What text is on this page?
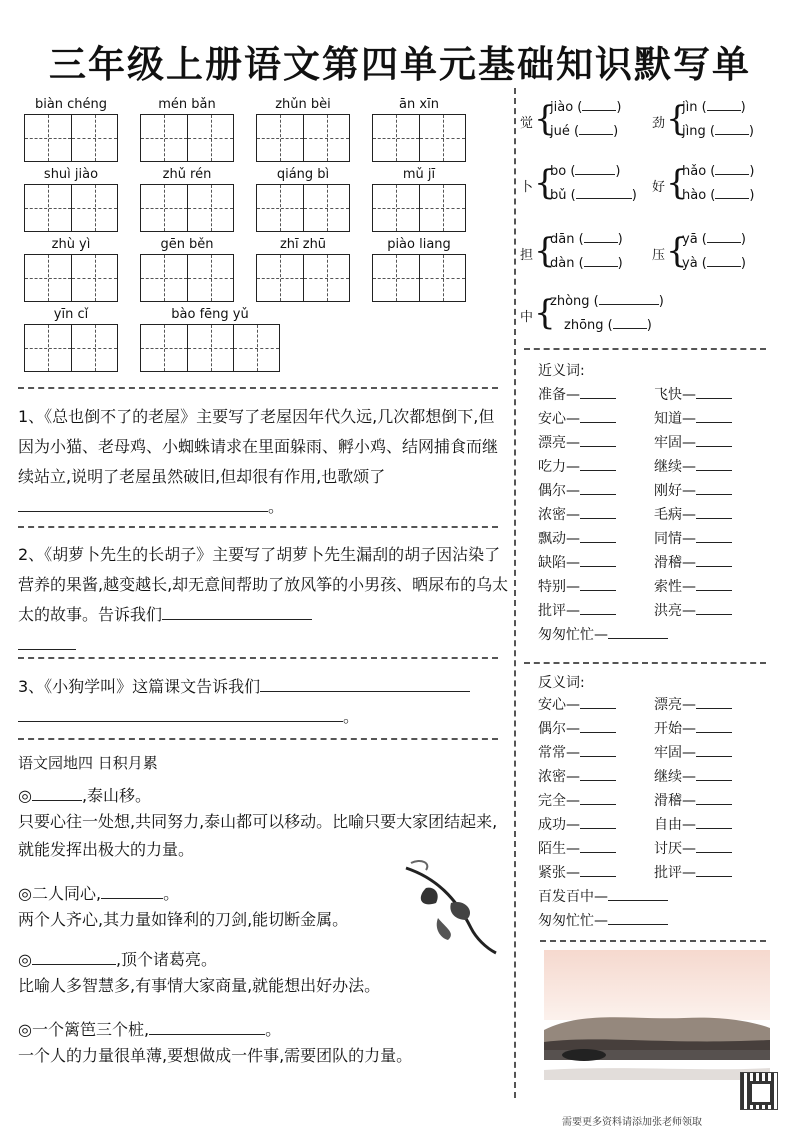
三年级上册语文第四单元基础知识默写单
biàn chéng	mén bǎn	zhǔn bèi	ān xīn
shuì jiào	zhǔ rén	qiáng bì	mǔ jī
zhù yì	gēn běn	zhī zhū	piào liang
yīn cǐ	bào fēng yǔ
1、《总也倒不了的老屋》主要写了老屋因年代久远,几次都想倒下,但因为小猫、老母鸡、小蜘蛛请求在里面躲雨、孵小鸡、结网捕食而继续站立,说明了老屋虽然破旧,但却很有作用,也歌颂了。
2、《胡萝卜先生的长胡子》主要写了胡萝卜先生漏刮的胡子因沾染了营养的果酱,越变越长,却无意间帮助了放风筝的小男孩、晒尿布的乌太太的故事。告诉我们

3、《小狗学叫》这篇课文告诉我们
。
语文园地四 日积月累
◎	,泰山移。
只要心往一处想,共同努力,泰山都可以移动。比喻只要大家团结起来,就能发挥出极大的力量。
◎二人同心,	。
两个人齐心,其力量如锋利的刀剑,能切断金属。
◎	,顶个诸葛亮。
比喻人多智慧多,有事情大家商量,就能想出好办法。
◎一个篱笆三个桩,	。
一个人的力量很单薄,要想做成一件事,需要团队的力量。
觉 {
jiào (	)
jué (	)
劲 {
jìn (	)
jìng (	)
卜 {
bo (	)
bǔ (	)
好 {
hǎo (	)
hào (	)
担 {
dān (	)
dàn (	)
压 {
yā (	)
yà (	)
中 {
zhòng (	)
zhōng (	)
近义词:
准备—	飞快—
安心—	知道—
漂亮—	牢固—
吃力—	继续—
偶尔—	刚好—
浓密—	毛病—
飘动—	同情—
缺陷—	滑稽—
特别—	索性—
批评—	洪亮—
匆匆忙忙—
反义词:
安心—	漂亮—
偶尔—	开始—
常常—	牢固—
浓密—	继续—
完全—	滑稽—
成功—	自由—
陌生—	讨厌—
紧张—	批评—
百发百中—
匆匆忙忙—
需要更多资料请添加张老师领取
